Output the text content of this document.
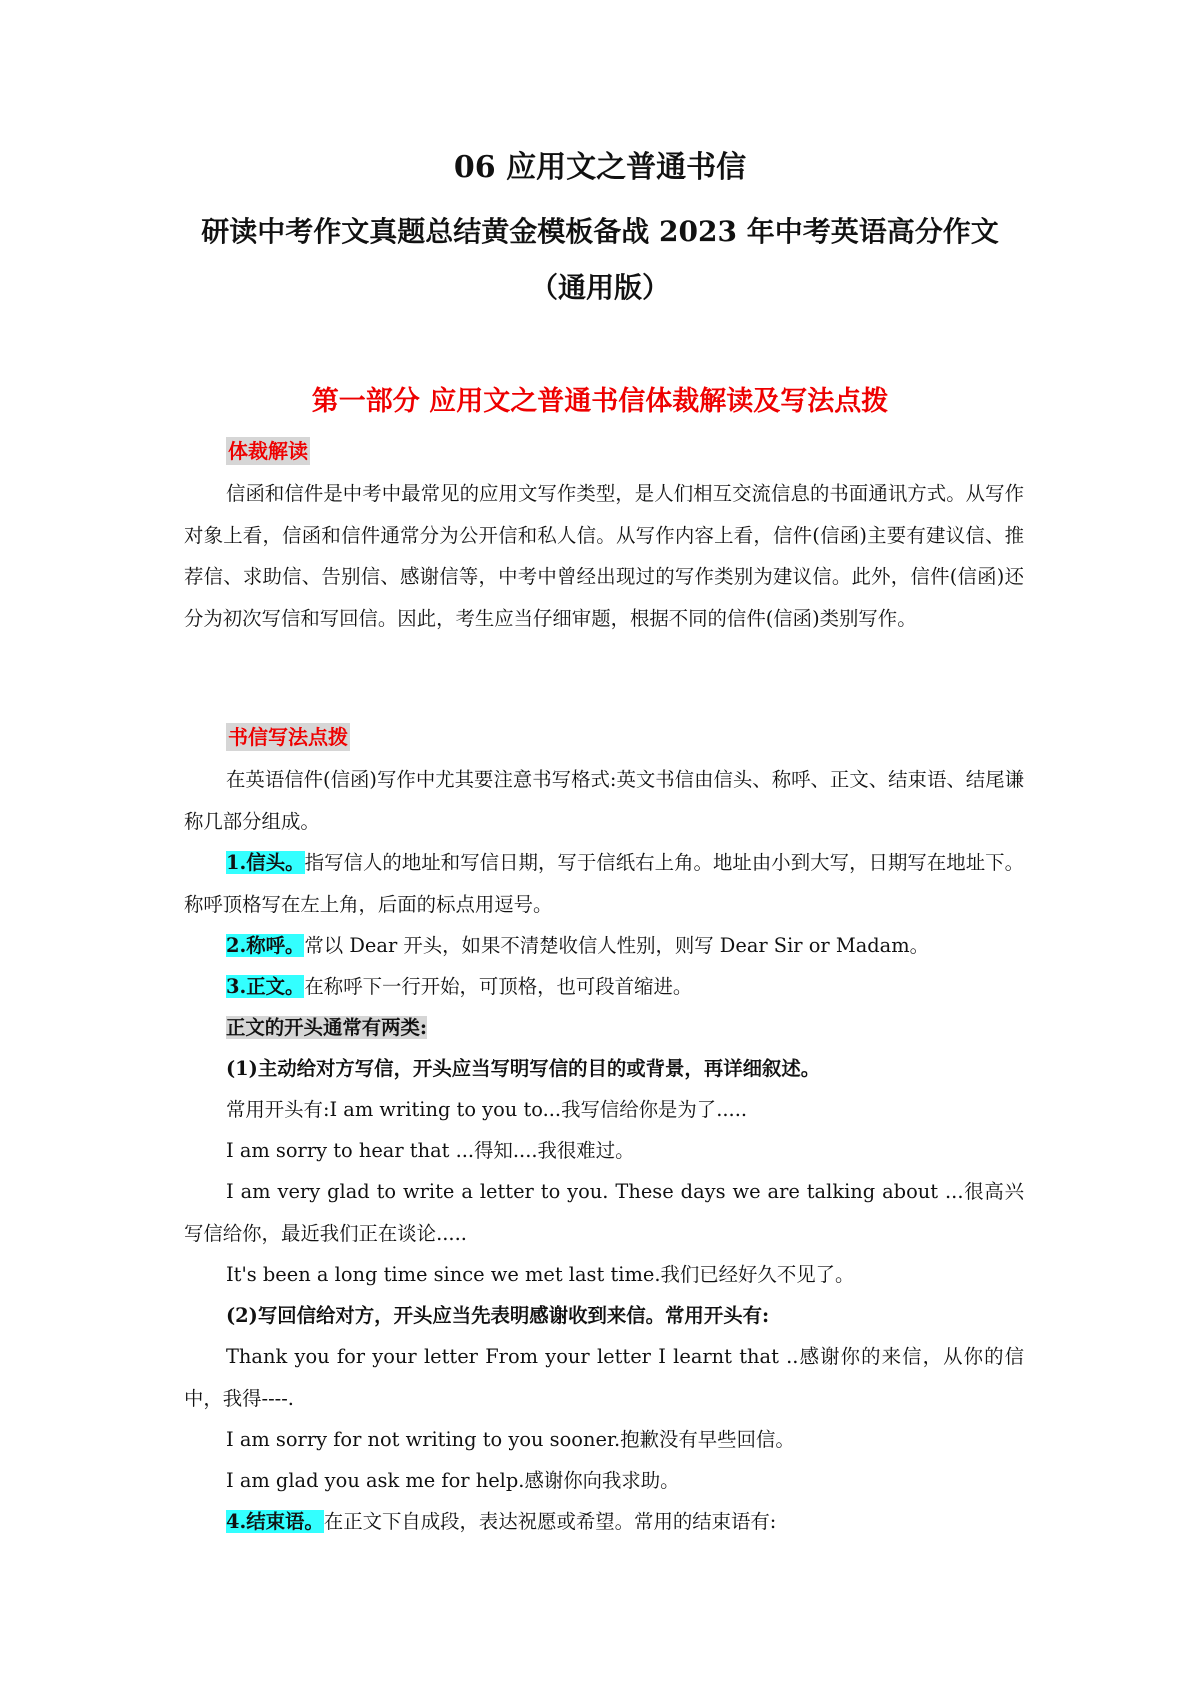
06 应用文之普通书信
研读中考作文真题总结黄金模板备战 2023 年中考英语高分作文
（通用版）
第一部分 应用文之普通书信体裁解读及写法点拨
体裁解读
信函和信件是中考中最常见的应用文写作类型，是人们相互交流信息的书面通讯方式。从写作对象上看，信函和信件通常分为公开信和私人信。从写作内容上看，信件(信函)主要有建议信、推荐信、求助信、告别信、感谢信等，中考中曾经出现过的写作类别为建议信。此外，信件(信函)还分为初次写信和写回信。因此，考生应当仔细审题，根据不同的信件(信函)类别写作。
书信写法点拨
在英语信件(信函)写作中尤其要注意书写格式:英文书信由信头、称呼、正文、结束语、结尾谦称几部分组成。
1.信头。指写信人的地址和写信日期，写于信纸右上角。地址由小到大写，日期写在地址下。称呼顶格写在左上角，后面的标点用逗号。
2.称呼。常以 Dear 开头，如果不清楚收信人性别，则写 Dear Sir or Madam。
3.正文。在称呼下一行开始，可顶格，也可段首缩进。
正文的开头通常有两类:
(1)主动给对方写信，开头应当写明写信的目的或背景，再详细叙述。
常用开头有:I am writing to you to...我写信给你是为了.....
I am sorry to hear that ...得知....我很难过。
I am very glad to write a letter to you. These days we are talking about ...很高兴写信给你，最近我们正在谈论.....
It's been a long time since we met last time.我们已经好久不见了。
(2)写回信给对方，开头应当先表明感谢收到来信。常用开头有:
Thank you for your letter From your letter I learnt that ..感谢你的来信，从你的信中，我得----.
I am sorry for not writing to you sooner.抱歉没有早些回信。
I am glad you ask me for help.感谢你向我求助。
4.结束语。在正文下自成段，表达祝愿或希望。常用的结束语有:
